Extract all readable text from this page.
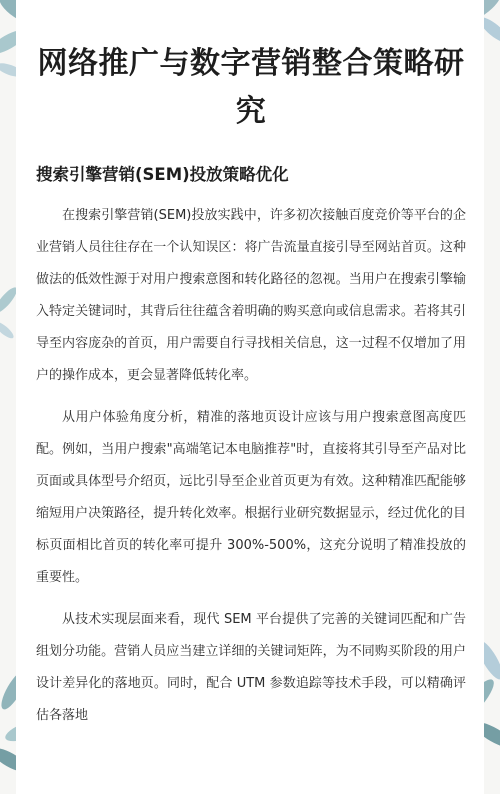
网络推广与数字营销整合策略研究
搜索引擎营销(SEM)投放策略优化

在搜索引擎营销(SEM)投放实践中，许多初次接触百度竞价等平台的企业营销人员往往存在一个认知误区：将广告流量直接引导至网站首页。这种做法的低效性源于对用户搜索意图和转化路径的忽视。当用户在搜索引擎输入特定关键词时，其背后往往蕴含着明确的购买意向或信息需求。若将其引导至内容庞杂的首页，用户需要自行寻找相关信息，这一过程不仅增加了用户的操作成本，更会显著降低转化率。

从用户体验角度分析，精准的落地页设计应该与用户搜索意图高度匹配。例如，当用户搜索"高端笔记本电脑推荐"时，直接将其引导至产品对比页面或具体型号介绍页，远比引导至企业首页更为有效。这种精准匹配能够缩短用户决策路径，提升转化效率。根据行业研究数据显示，经过优化的目标页面相比首页的转化率可提升 300%-500%，这充分说明了精准投放的重要性。

从技术实现层面来看，现代 SEM 平台提供了完善的关键词匹配和广告组划分功能。营销人员应当建立详细的关键词矩阵，为不同购买阶段的用户设计差异化的落地页。同时，配合 UTM 参数追踪等技术手段，可以精确评估各落地
